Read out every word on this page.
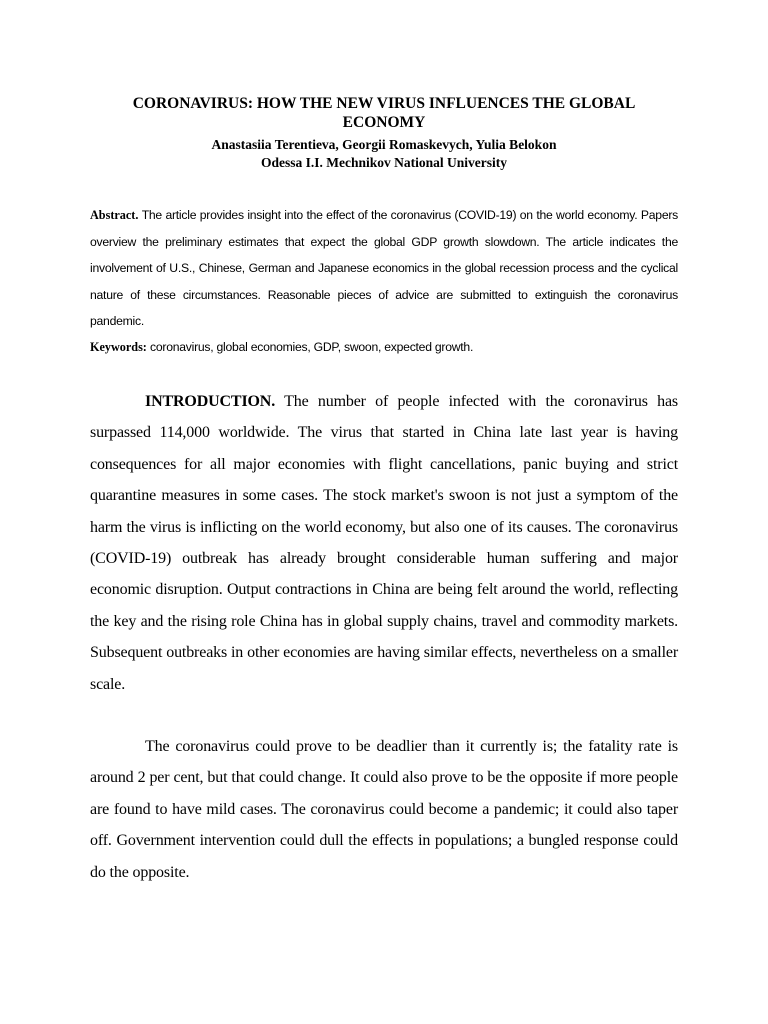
CORONAVIRUS: HOW THE NEW VIRUS INFLUENCES THE GLOBAL ECONOMY
Anastasiia Terentieva, Georgii Romaskevych, Yulia Belokon
Odessa I.I. Mechnikov National University

Abstract. The article provides insight into the effect of the coronavirus (COVID-19) on the world economy. Papers overview the preliminary estimates that expect the global GDP growth slowdown. The article indicates the involvement of U.S., Chinese, German and Japanese economics in the global recession process and the cyclical nature of these circumstances. Reasonable pieces of advice are submitted to extinguish the coronavirus pandemic.

Keywords: coronavirus, global economies, GDP, swoon, expected growth.

INTRODUCTION. The number of people infected with the coronavirus has surpassed 114,000 worldwide. The virus that started in China late last year is having consequences for all major economies with flight cancellations, panic buying and strict quarantine measures in some cases. The stock market's swoon is not just a symptom of the harm the virus is inflicting on the world economy, but also one of its causes. The coronavirus (COVID-19) outbreak has already brought considerable human suffering and major economic disruption. Output contractions in China are being felt around the world, reflecting the key and the rising role China has in global supply chains, travel and commodity markets. Subsequent outbreaks in other economies are having similar effects, nevertheless on a smaller scale.

The coronavirus could prove to be deadlier than it currently is; the fatality rate is around 2 per cent, but that could change. It could also prove to be the opposite if more people are found to have mild cases. The coronavirus could become a pandemic; it could also taper off. Government intervention could dull the effects in populations; a bungled response could do the opposite.
